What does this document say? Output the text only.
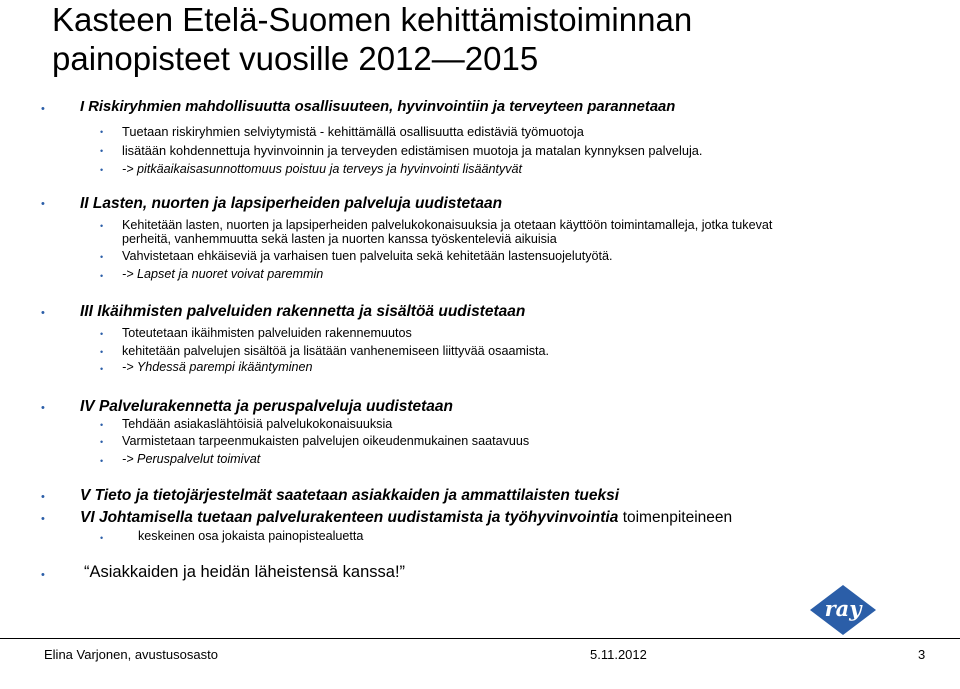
Kasteen Etelä-Suomen kehittämistoiminnan
painopisteet vuosille 2012—2015
• I Riskiryhmien mahdollisuutta osallisuuteen, hyvinvointiin ja terveyteen parannetaan
• Tuetaan riskiryhmien selviytymistä - kehittämällä osallisuutta edistäviä työmuotoja
• lisätään kohdennettuja hyvinvoinnin ja terveyden edistämisen muotoja ja matalan kynnyksen palveluja.
• -> pitkäaikaisasunnottomuus poistuu ja terveys ja hyvinvointi lisääntyvät
• II Lasten, nuorten ja lapsiperheiden palveluja uudistetaan
• Kehitetään lasten, nuorten ja lapsiperheiden palvelukokonaisuuksia ja otetaan käyttöön toimintamalleja, jotka tukevat
perheitä, vanhemmuutta sekä lasten ja nuorten kanssa työskenteleviä aikuisia
• Vahvistetaan ehkäiseviä ja varhaisen tuen palveluita sekä kehitetään lastensuojelutyötä.
• -> Lapset ja nuoret voivat paremmin
• III Ikäihmisten palveluiden rakennetta ja sisältöä uudistetaan
• Toteutetaan ikäihmisten palveluiden rakennemuutos
• kehitetään palvelujen sisältöä ja lisätään vanhenemiseen liittyvää osaamista.
• -> Yhdessä parempi ikääntyminen
• IV Palvelurakennetta ja peruspalveluja uudistetaan
• Tehdään asiakaslähtöisiä palvelukokonaisuuksia
• Varmistetaan tarpeenmukaisten palvelujen oikeudenmukainen saatavuus
• -> Peruspalvelut toimivat
• V Tieto ja tietojärjestelmät saatetaan asiakkaiden ja ammattilaisten tueksi
• VI Johtamisella tuetaan palvelurakenteen uudistamista ja työhyvinvointia toimenpiteineen
•	keskeinen osa jokaista painopistealuetta
• “Asiakkaiden ja heidän läheistensä kanssa!”
ray
Elina Varjonen, avustusosasto	5.11.2012	3
